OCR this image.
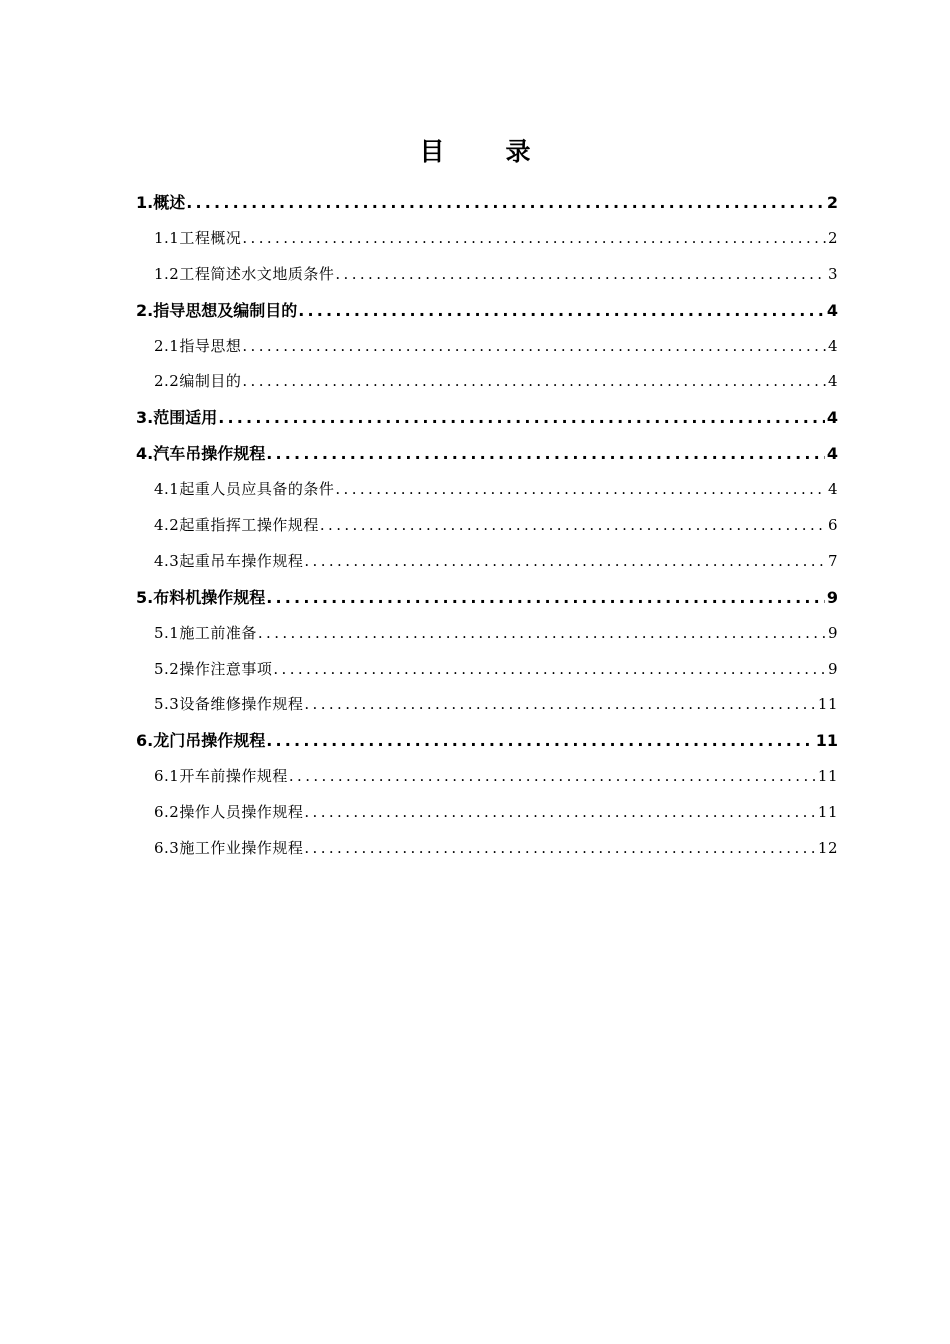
目　录
1.概述 .....	2
1.1工程概况 .....	2
1.2工程简述水文地质条件 .....	3
2.指导思想及编制目的 .....	4
2.1指导思想 .....	4
2.2编制目的 .....	4
3.范围适用 .....	4
4.汽车吊操作规程 .....	4
4.1起重人员应具备的条件 .....	4
4.2起重指挥工操作规程 .....	6
4.3起重吊车操作规程 .....	7
5.布料机操作规程 .....	9
5.1施工前准备 .....	9
5.2操作注意事项 .....	9
5.3设备维修操作规程 .....	11
6.龙门吊操作规程 .....	11
6.1开车前操作规程 .....	11
6.2操作人员操作规程 .....	11
6.3施工作业操作规程 .....	12
